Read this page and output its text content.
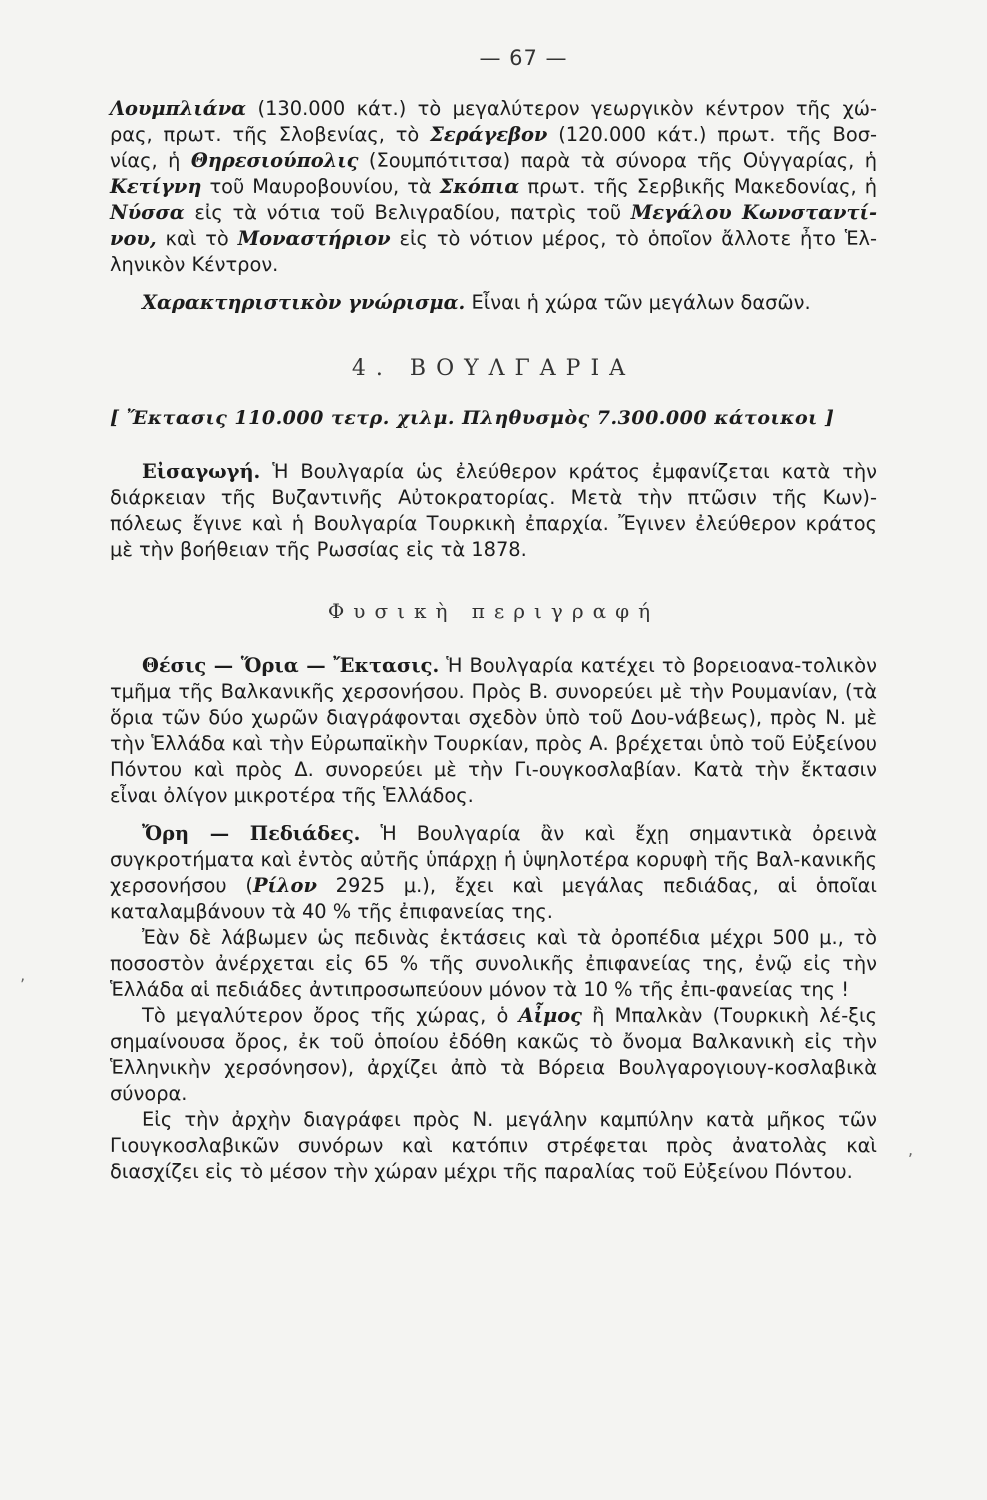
— 67 —

Λουμπλιάνα (130.000 κάτ.) τὸ μεγαλύτερον γεωργικὸν κέντρον τῆς χώ-ρας, πρωτ. τῆς Σλοβενίας, τὸ Σεράγεβον (120.000 κάτ.) πρωτ. τῆς Βοσ-νίας, ἡ Θηρεσιούπολις (Σουμπότιτσα) παρὰ τὰ σύνορα τῆς Οὑγγαρίας, ἡ Κετίγνη τοῦ Μαυροβουνίου, τὰ Σκόπια πρωτ. τῆς Σερβικῆς Μακεδονίας, ἡ Νύσσα εἰς τὰ νότια τοῦ Βελιγραδίου, πατρὶς τοῦ Μεγάλου Κωνσταντί-νου, καὶ τὸ Μοναστήριον εἰς τὸ νότιον μέρος, τὸ ὁποῖον ἄλλοτε ἦτο Ἑλ-ληνικὸν Κέντρον.

Χαρακτηριστικὸν γνώρισμα. Εἶναι ἡ χώρα τῶν μεγάλων δασῶν.

4. ΒΟΥΛΓΑΡΙΑ
[ Ἔκτασις 110.000 τετρ. χιλμ. Πληθυσμὸς 7.300.000 κάτοικοι ]

Εἰσαγωγή. Ἡ Βουλγαρία ὡς ἐλεύθερον κράτος ἐμφανίζεται κατὰ τὴν διάρκειαν τῆς Βυζαντινῆς Αὐτοκρατορίας. Μετὰ τὴν πτῶσιν τῆς Κων)-πόλεως ἔγινε καὶ ἡ Βουλγαρία Τουρκικὴ ἐπαρχία. Ἔγινεν ἐλεύθερον κράτος μὲ τὴν βοήθειαν τῆς Ρωσσίας εἰς τὰ 1878.

Φυσικὴ περιγραφή

Θέσις — Ὅρια — Ἔκτασις. Ἡ Βουλγαρία κατέχει τὸ βορειοανα-τολικὸν τμῆμα τῆς Βαλκανικῆς χερσονήσου. Πρὸς Β. συνορεύει μὲ τὴν Ρουμανίαν, (τὰ ὅρια τῶν δύο χωρῶν διαγράφονται σχεδὸν ὑπὸ τοῦ Δου-νάβεως), πρὸς Ν. μὲ τὴν Ἑλλάδα καὶ τὴν Εὐρωπαϊκὴν Τουρκίαν, πρὸς Α. βρέχεται ὑπὸ τοῦ Εὐξείνου Πόντου καὶ πρὸς Δ. συνορεύει μὲ τὴν Γι-ουγκοσλαβίαν. Κατὰ τὴν ἔκτασιν εἶναι ὀλίγον μικροτέρα τῆς Ἑλλάδος.

Ὄρη — Πεδιάδες. Ἡ Βουλγαρία ἂν καὶ ἔχῃ σημαντικὰ ὀρεινὰ συγκροτήματα καὶ ἐντὸς αὐτῆς ὑπάρχῃ ἡ ὑψηλοτέρα κορυφὴ τῆς Βαλ-κανικῆς χερσονήσου (Ρίλον 2925 μ.), ἔχει καὶ μεγάλας πεδιάδας, αἱ ὁποῖαι καταλαμβάνουν τὰ 40 % τῆς ἐπιφανείας της.

Ἐὰν δὲ λάβωμεν ὡς πεδινὰς ἐκτάσεις καὶ τὰ ὀροπέδια μέχρι 500 μ., τὸ ποσοστὸν ἀνέρχεται εἰς 65 % τῆς συνολικῆς ἐπιφανείας της, ἐνῷ εἰς τὴν Ἑλλάδα αἱ πεδιάδες ἀντιπροσωπεύουν μόνον τὰ 10 % τῆς ἐπι-φανείας της !

Τὸ μεγαλύτερον ὄρος τῆς χώρας, ὁ Αἶμος ἢ Μπαλκὰν (Τουρκικὴ λέ-ξις σημαίνουσα ὄρος, ἐκ τοῦ ὁποίου ἐδόθη κακῶς τὸ ὄνομα Βαλκανικὴ εἰς τὴν Ἑλληνικὴν χερσόνησον), ἀρχίζει ἀπὸ τὰ Βόρεια Βουλγαρογιουγ-κοσλαβικὰ σύνορα.

Εἰς τὴν ἀρχὴν διαγράφει πρὸς Ν. μεγάλην καμπύλην κατὰ μῆκος τῶν Γιουγκοσλαβικῶν συνόρων καὶ κατόπιν στρέφεται πρὸς ἀνατολὰς καὶ διασχίζει εἰς τὸ μέσον τὴν χώραν μέχρι τῆς παραλίας τοῦ Εὐξείνου Πόντου.

’
,
